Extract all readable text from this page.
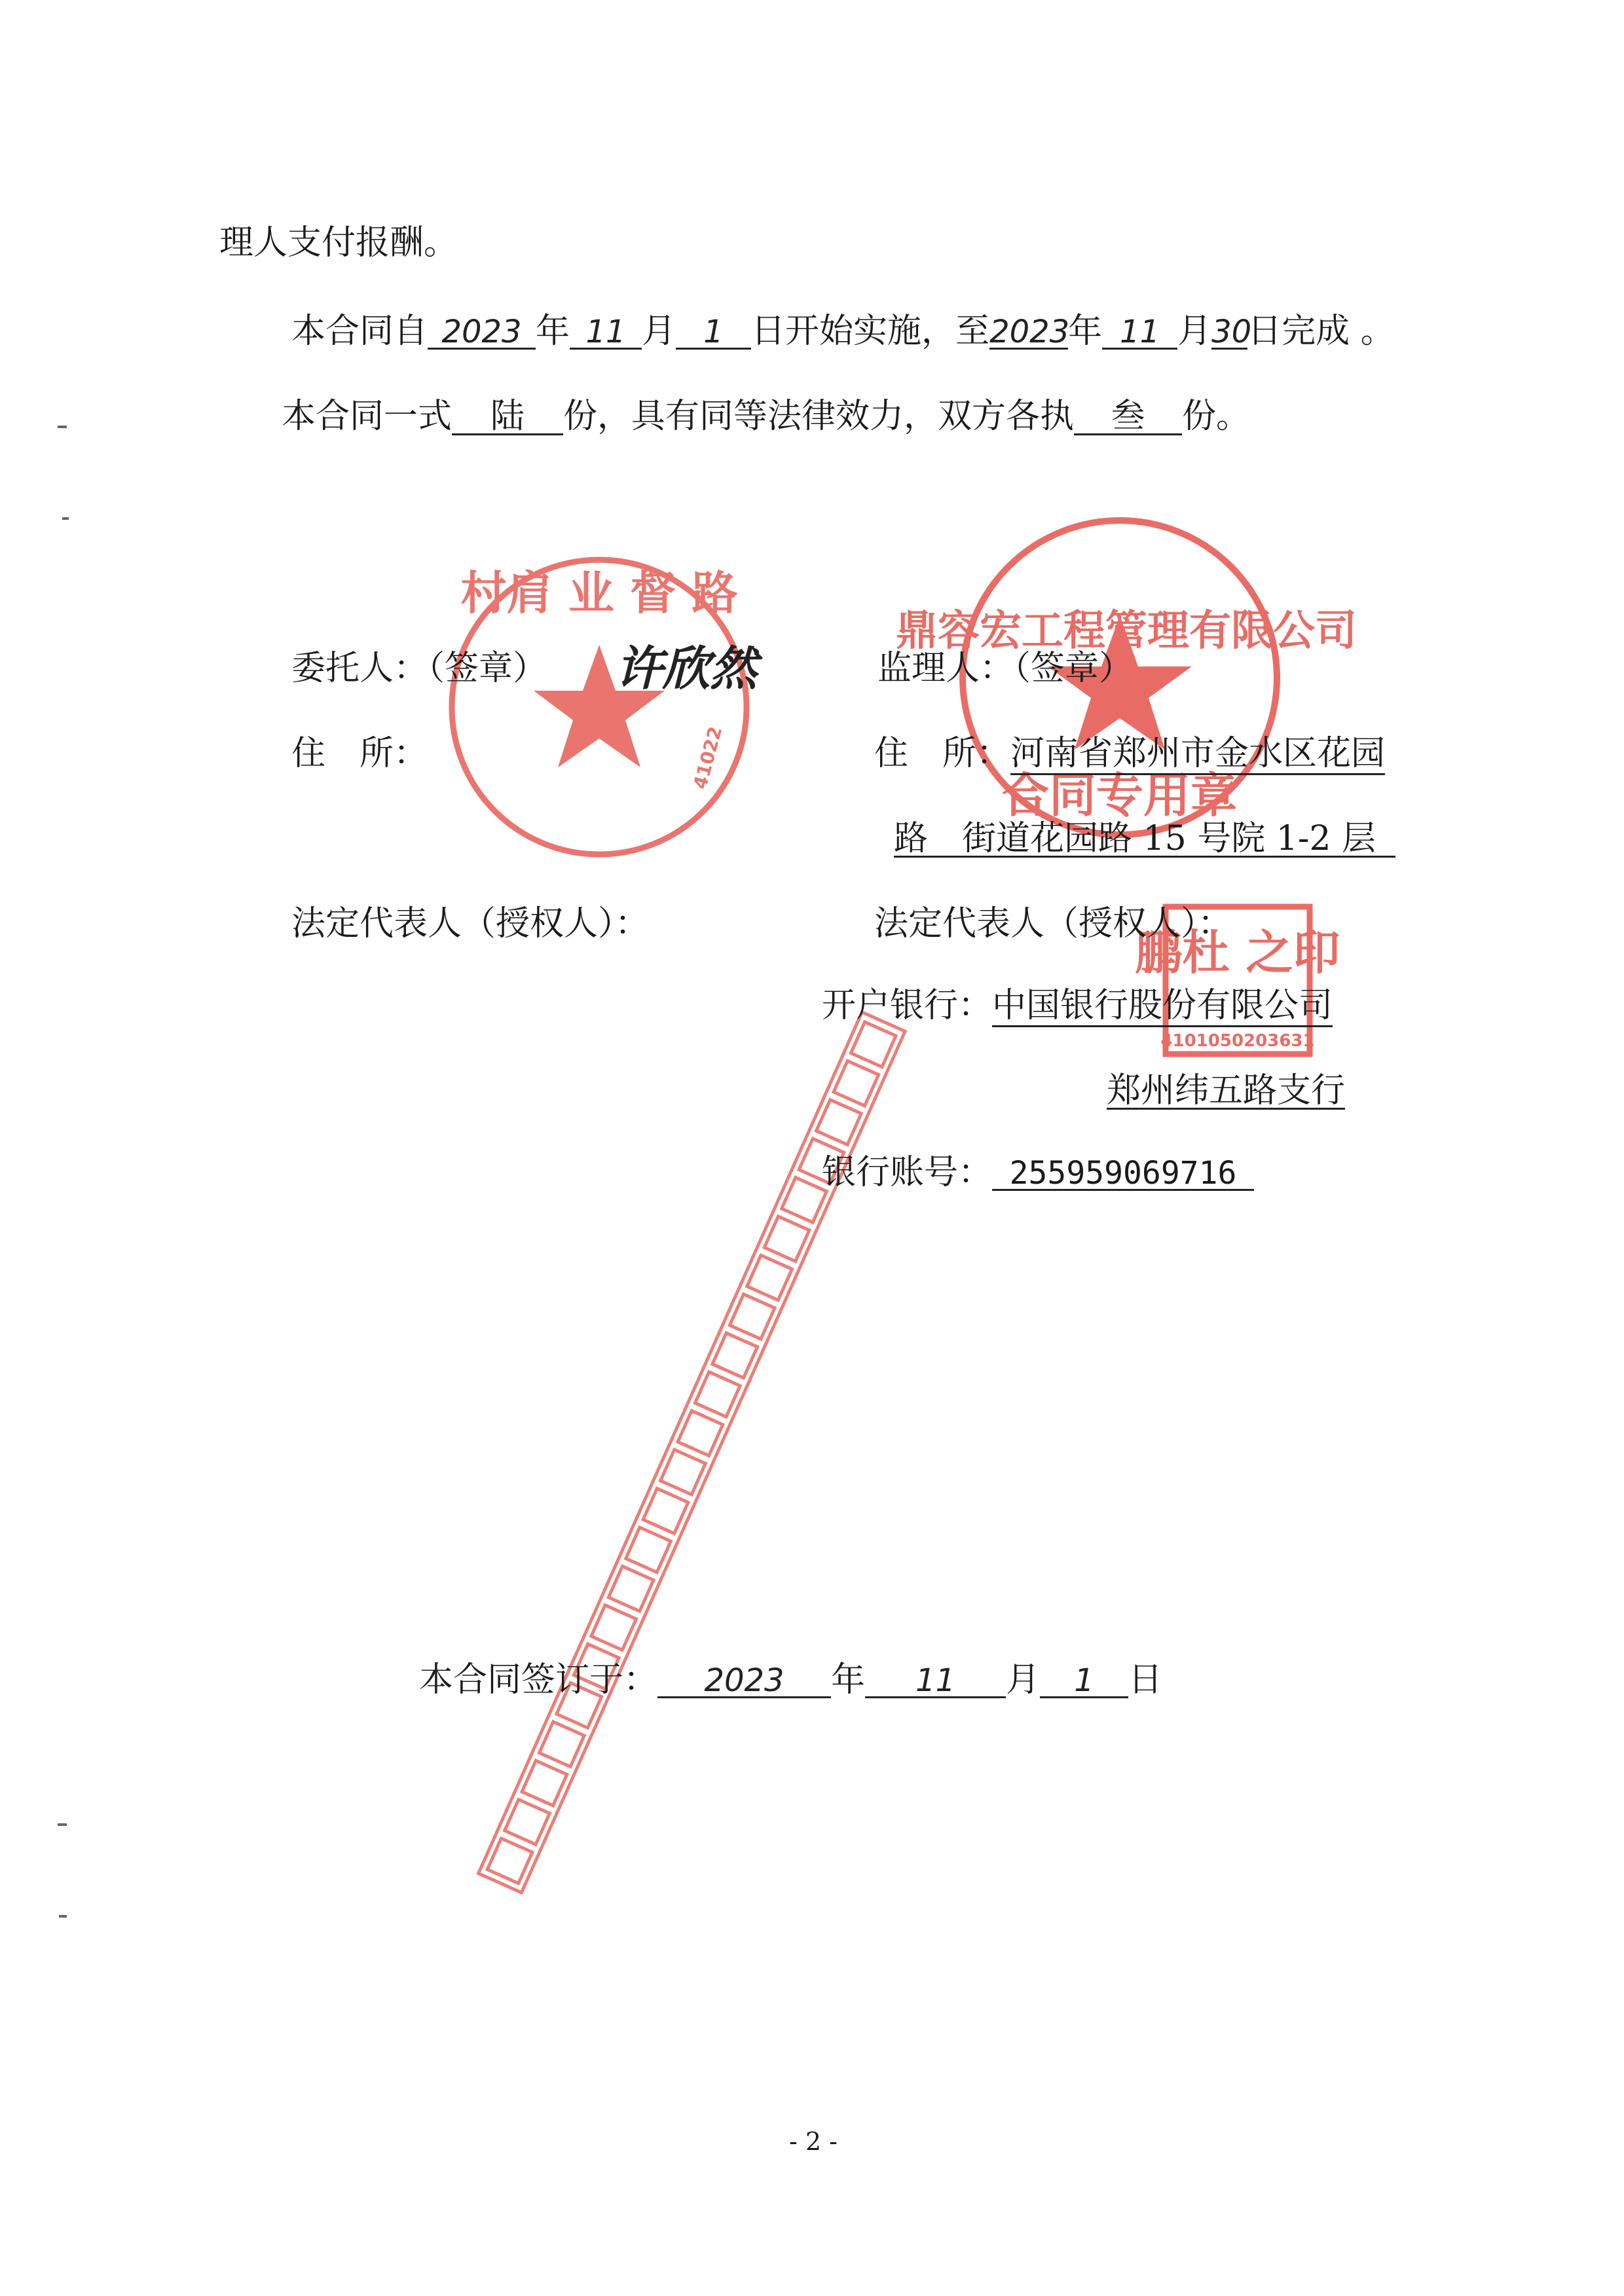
村肩 业 督 路
41022
鼎容宏工程管理有限公司
合同专用章
鹏杜 之印
4101050203631
理人支付报酬。
本合同自 2023 年 11 月 1 日开始实施，至2023年 11 月30日完成 。
本合同一式 陆 份，具有同等法律效力，双方各执 叁 份。
委托人：（签章） 许欣然
住　所：
法定代表人（授权人）：
监理人：（签章）
住　所：河南省郑州市金水区花园
路　街道花园路 15 号院 1-2 层
法定代表人（授权人）：
开户银行：中国银行股份有限公司
郑州纬五路支行
银行账号： 255959069716
本合同签订于： 2023 年 11 月 1 日
- 2 -
